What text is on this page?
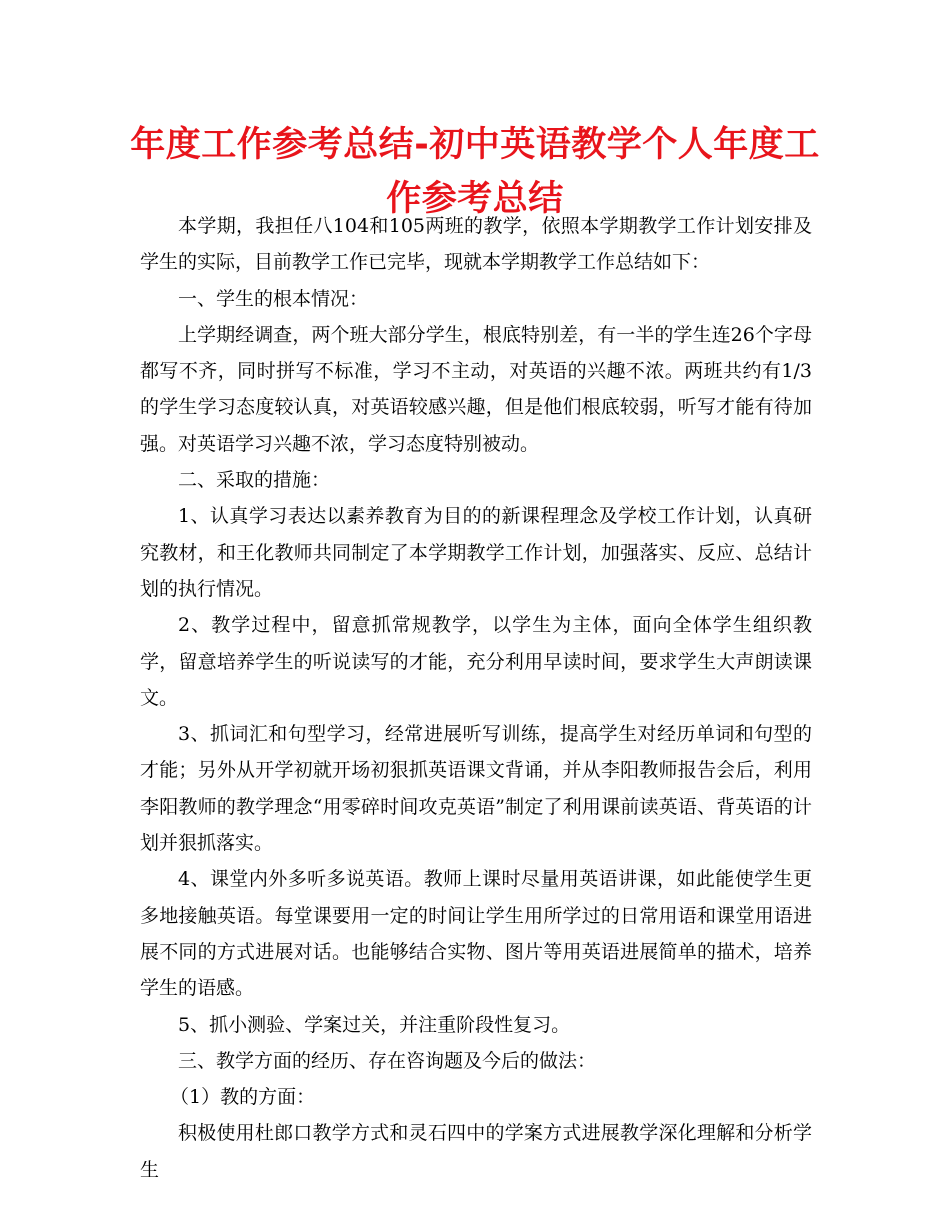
年度工作参考总结-初中英语教学个人年度工作参考总结

本学期，我担任八104和105两班的教学，依照本学期教学工作计划安排及学生的实际，目前教学工作已完毕，现就本学期教学工作总结如下：

一、学生的根本情况：

上学期经调查，两个班大部分学生，根底特别差，有一半的学生连26个字母都写不齐，同时拼写不标准，学习不主动，对英语的兴趣不浓。两班共约有1/3的学生学习态度较认真，对英语较感兴趣，但是他们根底较弱，听写才能有待加强。对英语学习兴趣不浓，学习态度特别被动。

二、采取的措施：

1、认真学习表达以素养教育为目的的新课程理念及学校工作计划，认真研究教材，和王化教师共同制定了本学期教学工作计划，加强落实、反应、总结计划的执行情况。

2、教学过程中，留意抓常规教学，以学生为主体，面向全体学生组织教学，留意培养学生的听说读写的才能，充分利用早读时间，要求学生大声朗读课文。

3、抓词汇和句型学习，经常进展听写训练，提高学生对经历单词和句型的才能；另外从开学初就开场初狠抓英语课文背诵，并从李阳教师报告会后，利用李阳教师的教学理念“用零碎时间攻克英语”制定了利用课前读英语、背英语的计划并狠抓落实。

4、课堂内外多听多说英语。教师上课时尽量用英语讲课，如此能使学生更多地接触英语。每堂课要用一定的时间让学生用所学过的日常用语和课堂用语进展不同的方式进展对话。也能够结合实物、图片等用英语进展简单的描术，培养学生的语感。

5、抓小测验、学案过关，并注重阶段性复习。

三、教学方面的经历、存在咨询题及今后的做法：

（1）教的方面：

积极使用杜郎口教学方式和灵石四中的学案方式进展教学深化理解和分析学生
